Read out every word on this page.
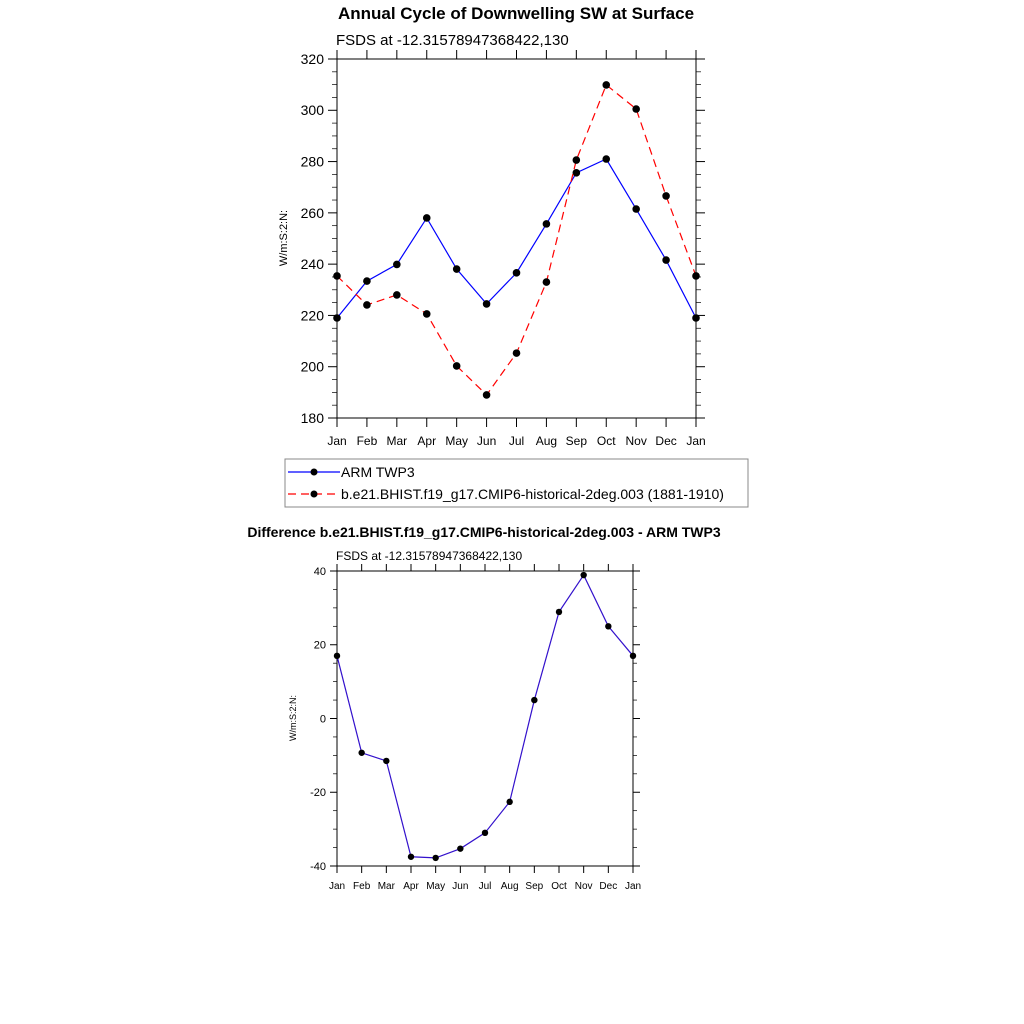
Annual Cycle of Downwelling SW at Surface
FSDS at -12.31578947368422,130
W/m:S:2:N:
180
200
220
240
260
280
300
320
Jan Feb Mar Apr May Jun Jul Aug Sep Oct Nov Dec Jan
ARM TWP3
b.e21.BHIST.f19_g17.CMIP6-historical-2deg.003 (1881-1910)
Difference b.e21.BHIST.f19_g17.CMIP6-historical-2deg.003 - ARM TWP3
FSDS at -12.31578947368422,130
W/m:S:2:N:
-40
-20
0
20
40
Jan Feb Mar Apr May Jun Jul Aug Sep Oct Nov Dec Jan
